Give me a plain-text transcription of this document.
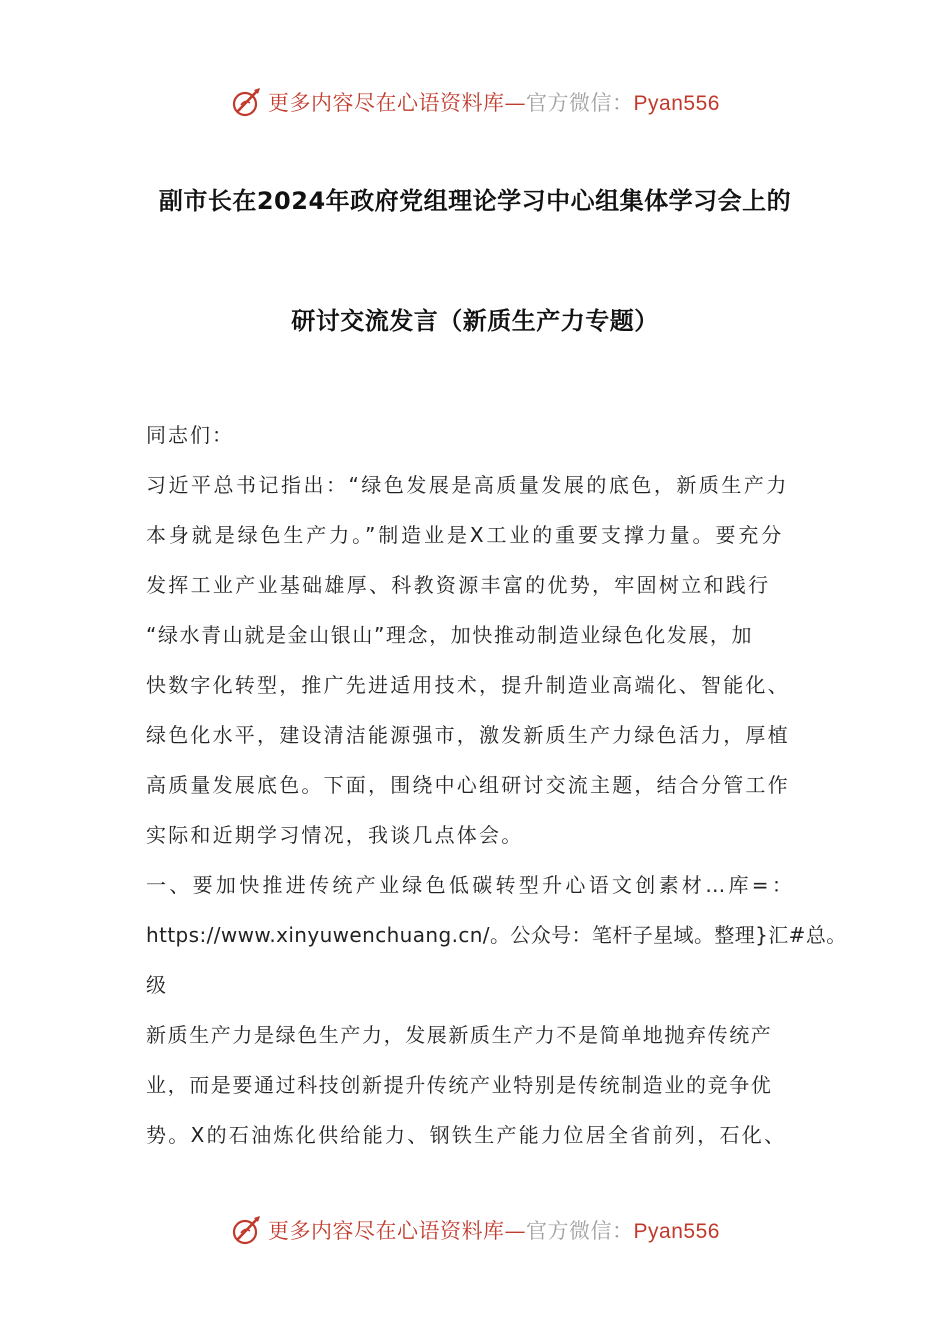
更多内容尽在心语资料库—官方微信：Pyan556
副市长在2024年政府党组理论学习中心组集体学习会上的
研讨交流发言（新质生产力专题）
同志们：
习近平总书记指出：“绿色发展是高质量发展的底色，新质生产力
本身就是绿色生产力。”制造业是X工业的重要支撑力量。要充分
发挥工业产业基础雄厚、科教资源丰富的优势，牢固树立和践行
“绿水青山就是金山银山”理念，加快推动制造业绿色化发展，加
快数字化转型，推广先进适用技术，提升制造业高端化、智能化、
绿色化水平，建设清洁能源强市，激发新质生产力绿色活力，厚植
高质量发展底色。下面，围绕中心组研讨交流主题，结合分管工作
实际和近期学习情况，我谈几点体会。
一、要加快推进传统产业绿色低碳转型升心语文创素材…库=：
https://www.xinyuwenchuang.cn/。公众号：笔杆子星域。整理}汇#总。
级
新质生产力是绿色生产力，发展新质生产力不是简单地抛弃传统产
业，而是要通过科技创新提升传统产业特别是传统制造业的竞争优
势。X的石油炼化供给能力、钢铁生产能力位居全省前列，石化、
更多内容尽在心语资料库—官方微信：Pyan556
